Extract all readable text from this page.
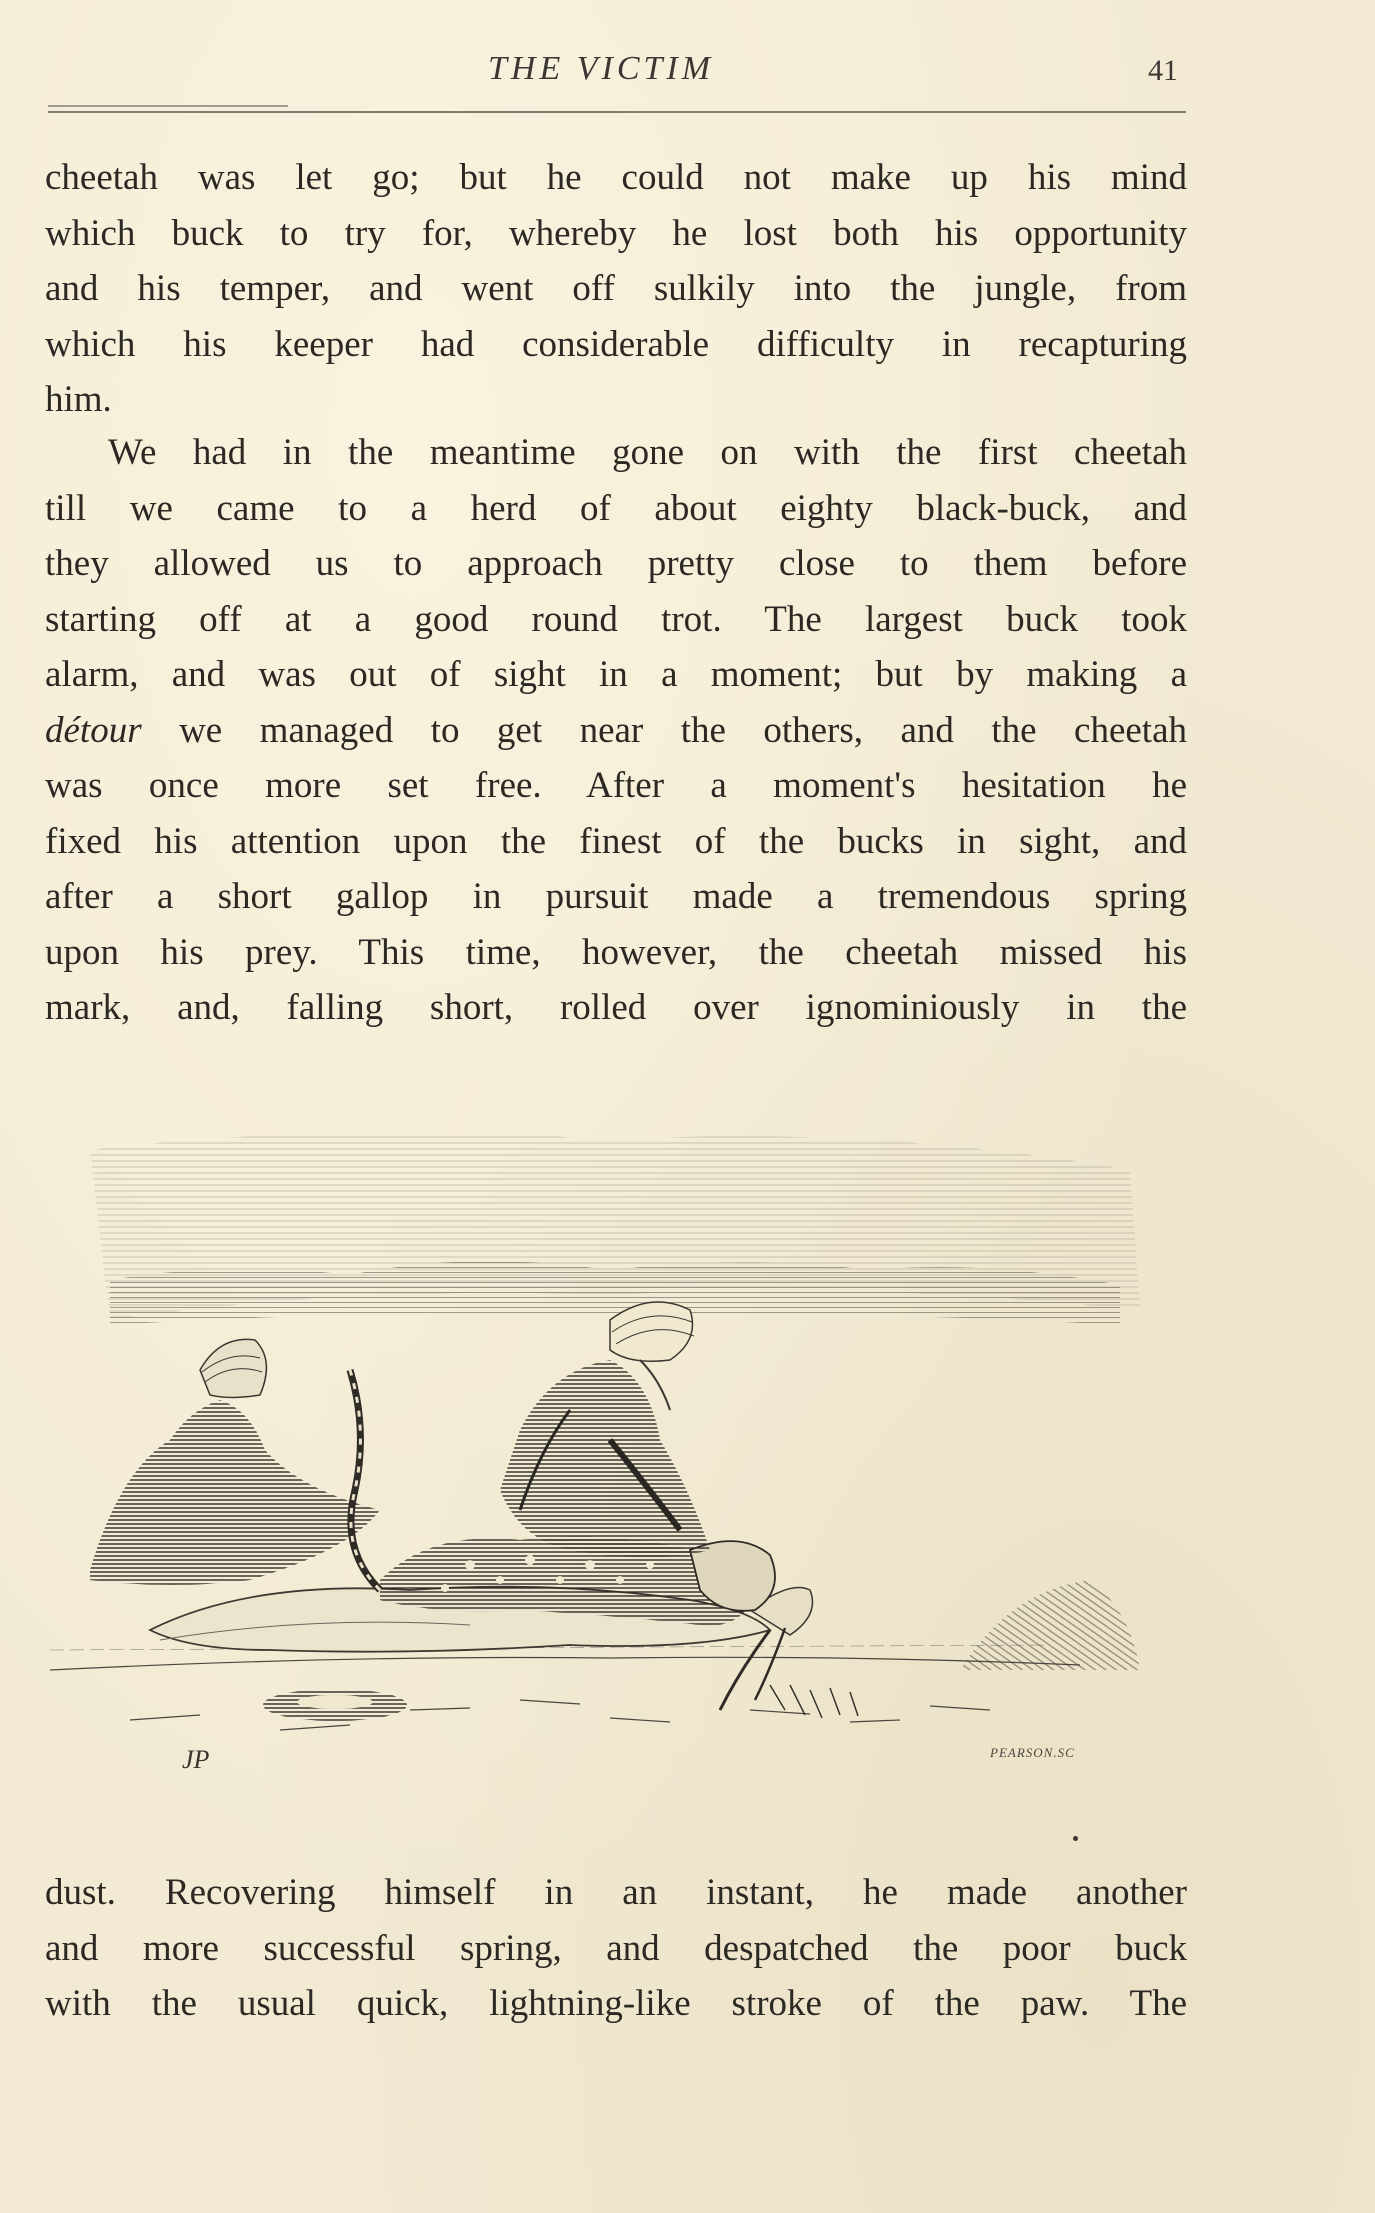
THE VICTIM	41
cheetah was let go; but he could not make up his mind
which buck to try for, whereby he lost both his opportunity
and his temper, and went off sulkily into the jungle, from
which his keeper had considerable difficulty in recapturing
him.
We had in the meantime gone on with the first cheetah
till we came to a herd of about eighty black-buck, and
they allowed us to approach pretty close to them before
starting off at a good round trot. The largest buck took
alarm, and was out of sight in a moment; but by making a
détour we managed to get near the others, and the cheetah
was once more set free. After a moment's hesitation he
fixed his attention upon the finest of the bucks in sight, and
after a short gallop in pursuit made a tremendous spring
upon his prey. This time, however, the cheetah missed his
mark, and, falling short, rolled over ignominiously in the
JP	PEARSON.SC
dust. Recovering himself in an instant, he made another
and more successful spring, and despatched the poor buck
with the usual quick, lightning-like stroke of the paw. The
